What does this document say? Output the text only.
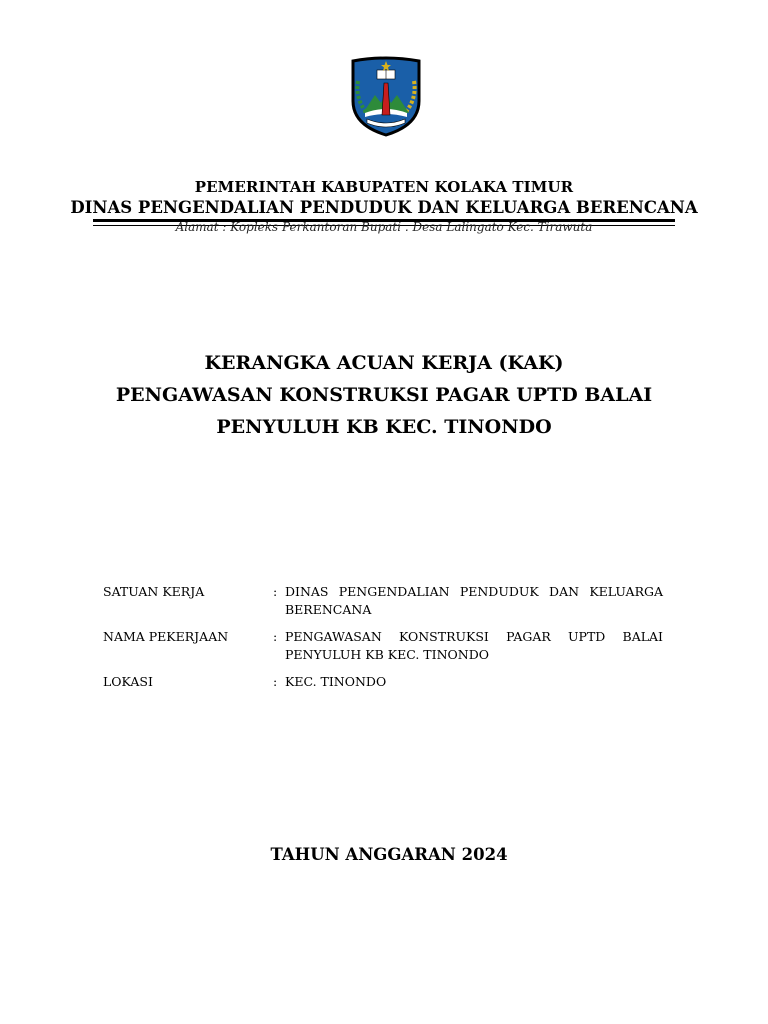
PEMERINTAH KABUPATEN KOLAKA TIMUR
DINAS PENGENDALIAN PENDUDUK DAN KELUARGA BERENCANA
Alamat : Kopleks Perkantoran Bupati . Desa Lalingato Kec. Tirawuta
KERANGKA ACUAN KERJA (KAK)
PENGAWASAN KONSTRUKSI PAGAR UPTD BALAI
PENYULUH KB KEC. TINONDO
SATUAN KERJA	: DINAS PENGENDALIAN PENDUDUK DAN KELUARGA BERENCANA
NAMA PEKERJAAN	: PENGAWASAN KONSTRUKSI PAGAR UPTD BALAI PENYULUH KB KEC. TINONDO
LOKASI	: KEC. TINONDO
TAHUN ANGGARAN 2024
